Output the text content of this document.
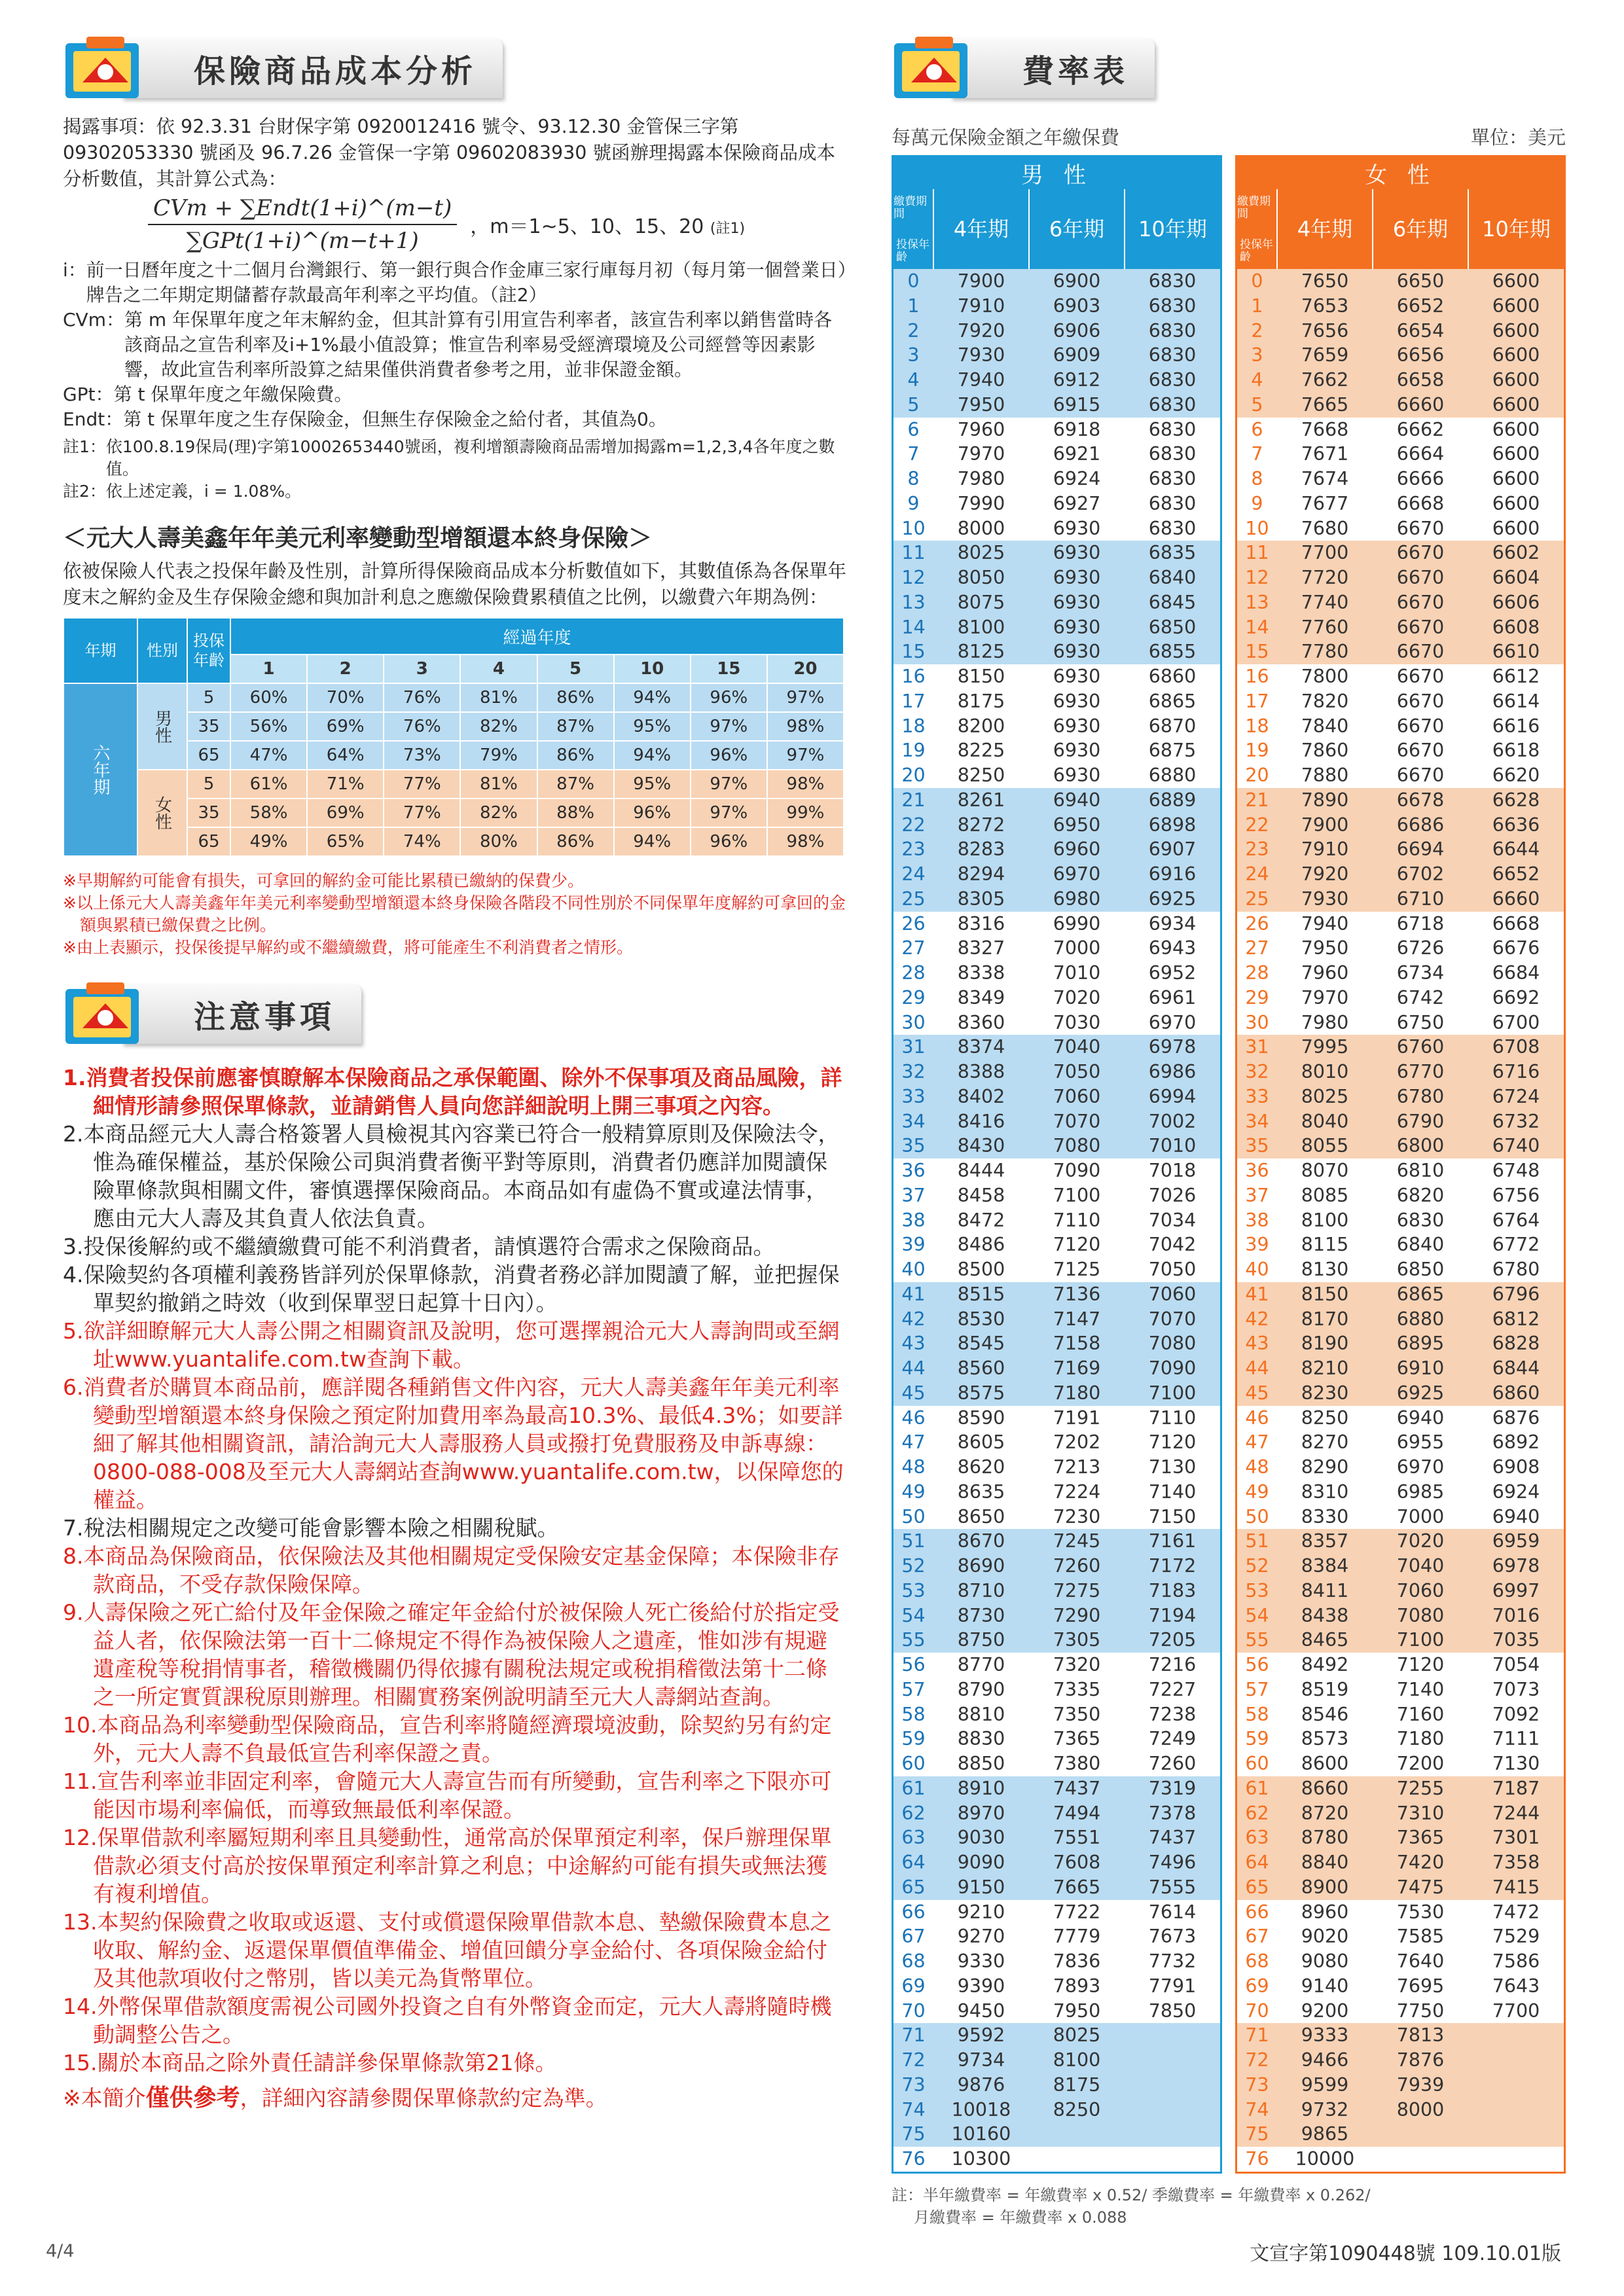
保險商品成本分析
揭露事項：依 92.3.31 台財保字第 0920012416 號令、93.12.30 金管保三字第 09302053330 號函及 96.7.26 金管保一字第 09602083930 號函辦理揭露本保險商品成本分析數值，其計算公式為：
$\frac{\text{CVm + ∑Endt(1+i)\textasciicircum{}(m−t)}}{\text{∑GPt(1+i)\textasciicircum{}(m−t+1)}}$ ，m＝1~5、10、15、20 (註1)
i： 前一日曆年度之十二個月台灣銀行、第一銀行與合作金庫三家行庫每月初（每月第一個營業日）牌告之二年期定期儲蓄存款最高年利率之平均值。（註2）
CVm： 第 m 年保單年度之年末解約金，但其計算有引用宣告利率者，該宣告利率以銷售當時各該商品之宣告利率及i+1%最小值設算；惟宣告利率易受經濟環境及公司經營等因素影響，故此宣告利率所設算之結果僅供消費者參考之用，並非保證金額。
GPt： 第 t 保單年度之年繳保險費。
Endt： 第 t 保單年度之生存保險金，但無生存保險金之給付者，其值為0。
註1： 依100.8.19保局(理)字第10002653440號函，複利增額壽險商品需增加揭露m=1,2,3,4各年度之數值。
註2： 依上述定義，i = 1.08%。
＜元大人壽美鑫年年美元利率變動型增額還本終身保險＞
依被保險人代表之投保年齡及性別，計算所得保險商品成本分析數值如下，其數值係為各保單年度末之解約金及生存保險金總和與加計利息之應繳保險費累積值之比例，以繳費六年期為例：
年期	性別	投保年齡	經過年度							
			1	2	3	4	5	10	15	20
六年期	男性	5	60%	70%	76%	81%	86%	94%	96%	97%
		35	56%	69%	76%	82%	87%	95%	97%	98%
		65	47%	64%	73%	79%	86%	94%	96%	97%
	女性	5	61%	71%	77%	81%	87%	95%	97%	98%
		35	58%	69%	77%	82%	88%	96%	97%	99%
		65	49%	65%	74%	80%	86%	94%	96%	98%
※早期解約可能會有損失，可拿回的解約金可能比累積已繳納的保費少。
※以上係元大人壽美鑫年年美元利率變動型增額還本終身保險各階段不同性別於不同保單年度解約可拿回的金額與累積已繳保費之比例。
※由上表顯示，投保後提早解約或不繼續繳費，將可能產生不利消費者之情形。
注意事項
1.消費者投保前應審慎瞭解本保險商品之承保範圍、除外不保事項及商品風險，詳細情形請參照保單條款，並請銷售人員向您詳細說明上開三事項之內容。
2.本商品經元大人壽合格簽署人員檢視其內容業已符合一般精算原則及保險法令，惟為確保權益，基於保險公司與消費者衡平對等原則，消費者仍應詳加閱讀保險單條款與相關文件，審慎選擇保險商品。本商品如有虛偽不實或違法情事，應由元大人壽及其負責人依法負責。
3.投保後解約或不繼續繳費可能不利消費者，請慎選符合需求之保險商品。
4.保險契約各項權利義務皆詳列於保單條款，消費者務必詳加閱讀了解，並把握保單契約撤銷之時效（收到保單翌日起算十日內）。
5.欲詳細瞭解元大人壽公開之相關資訊及說明，您可選擇親洽元大人壽詢問或至網址www.yuantalife.com.tw查詢下載。
6.消費者於購買本商品前，應詳閱各種銷售文件內容，元大人壽美鑫年年美元利率變動型增額還本終身保險之預定附加費用率為最高10.3%、最低4.3%；如要詳細了解其他相關資訊，請洽詢元大人壽服務人員或撥打免費服務及申訴專線：0800-088-008及至元大人壽網站查詢www.yuantalife.com.tw，以保障您的權益。
7.稅法相關規定之改變可能會影響本險之相關稅賦。
8.本商品為保險商品，依保險法及其他相關規定受保險安定基金保障；本保險非存款商品，不受存款保險保障。
9.人壽保險之死亡給付及年金保險之確定年金給付於被保險人死亡後給付於指定受益人者，依保險法第一百十二條規定不得作為被保險人之遺產，惟如涉有規避遺產稅等稅捐情事者，稽徵機關仍得依據有關稅法規定或稅捐稽徵法第十二條之一所定實質課稅原則辦理。相關實務案例說明請至元大人壽網站查詢。
10.本商品為利率變動型保險商品，宣告利率將隨經濟環境波動，除契約另有約定外，元大人壽不負最低宣告利率保證之責。
11.宣告利率並非固定利率，會隨元大人壽宣告而有所變動，宣告利率之下限亦可能因市場利率偏低，而導致無最低利率保證。
12.保單借款利率屬短期利率且具變動性，通常高於保單預定利率，保戶辦理保單借款必須支付高於按保單預定利率計算之利息；中途解約可能有損失或無法獲有複利增值。
13.本契約保險費之收取或返還、支付或償還保險單借款本息、墊繳保險費本息之收取、解約金、返還保單價值準備金、增值回饋分享金給付、各項保險金給付及其他款項收付之幣別，皆以美元為貨幣單位。
14.外幣保單借款額度需視公司國外投資之自有外幣資金而定，元大人壽將隨時機動調整公告之。
15.關於本商品之除外責任請詳參保單條款第21條。
※本簡介僅供參考，詳細內容請參閱保單條款約定為準。
費率表
每萬元保險金額之年繳保費	單位：美元
男 性			

繳費期間
投保年齡	4年期	6年期	10年期
0	7900	6900	6830
1	7910	6903	6830
2	7920	6906	6830
3	7930	6909	6830
4	7940	6912	6830
5	7950	6915	6830
6	7960	6918	6830
7	7970	6921	6830
8	7980	6924	6830
9	7990	6927	6830
10	8000	6930	6830
11	8025	6930	6835
12	8050	6930	6840
13	8075	6930	6845
14	8100	6930	6850
15	8125	6930	6855
16	8150	6930	6860
17	8175	6930	6865
18	8200	6930	6870
19	8225	6930	6875
20	8250	6930	6880
21	8261	6940	6889
22	8272	6950	6898
23	8283	6960	6907
24	8294	6970	6916
25	8305	6980	6925
26	8316	6990	6934
27	8327	7000	6943
28	8338	7010	6952
29	8349	7020	6961
30	8360	7030	6970
31	8374	7040	6978
32	8388	7050	6986
33	8402	7060	6994
34	8416	7070	7002
35	8430	7080	7010
36	8444	7090	7018
37	8458	7100	7026
38	8472	7110	7034
39	8486	7120	7042
40	8500	7125	7050
41	8515	7136	7060
42	8530	7147	7070
43	8545	7158	7080
44	8560	7169	7090
45	8575	7180	7100
46	8590	7191	7110
47	8605	7202	7120
48	8620	7213	7130
49	8635	7224	7140
50	8650	7230	7150
51	8670	7245	7161
52	8690	7260	7172
53	8710	7275	7183
54	8730	7290	7194
55	8750	7305	7205
56	8770	7320	7216
57	8790	7335	7227
58	8810	7350	7238
59	8830	7365	7249
60	8850	7380	7260
61	8910	7437	7319
62	8970	7494	7378
63	9030	7551	7437
64	9090	7608	7496
65	9150	7665	7555
66	9210	7722	7614
67	9270	7779	7673
68	9330	7836	7732
69	9390	7893	7791
70	9450	7950	7850
71	9592	8025	
72	9734	8100	
73	9876	8175	
74	10018	8250	
75	10160		
76	10300		
女 性			

繳費期間
投保年齡	4年期	6年期	10年期
0	7650	6650	6600
1	7653	6652	6600
2	7656	6654	6600
3	7659	6656	6600
4	7662	6658	6600
5	7665	6660	6600
6	7668	6662	6600
7	7671	6664	6600
8	7674	6666	6600
9	7677	6668	6600
10	7680	6670	6600
11	7700	6670	6602
12	7720	6670	6604
13	7740	6670	6606
14	7760	6670	6608
15	7780	6670	6610
16	7800	6670	6612
17	7820	6670	6614
18	7840	6670	6616
19	7860	6670	6618
20	7880	6670	6620
21	7890	6678	6628
22	7900	6686	6636
23	7910	6694	6644
24	7920	6702	6652
25	7930	6710	6660
26	7940	6718	6668
27	7950	6726	6676
28	7960	6734	6684
29	7970	6742	6692
30	7980	6750	6700
31	7995	6760	6708
32	8010	6770	6716
33	8025	6780	6724
34	8040	6790	6732
35	8055	6800	6740
36	8070	6810	6748
37	8085	6820	6756
38	8100	6830	6764
39	8115	6840	6772
40	8130	6850	6780
41	8150	6865	6796
42	8170	6880	6812
43	8190	6895	6828
44	8210	6910	6844
45	8230	6925	6860
46	8250	6940	6876
47	8270	6955	6892
48	8290	6970	6908
49	8310	6985	6924
50	8330	7000	6940
51	8357	7020	6959
52	8384	7040	6978
53	8411	7060	6997
54	8438	7080	7016
55	8465	7100	7035
56	8492	7120	7054
57	8519	7140	7073
58	8546	7160	7092
59	8573	7180	7111
60	8600	7200	7130
61	8660	7255	7187
62	8720	7310	7244
63	8780	7365	7301
64	8840	7420	7358
65	8900	7475	7415
66	8960	7530	7472
67	9020	7585	7529
68	9080	7640	7586
69	9140	7695	7643
70	9200	7750	7700
71	9333	7813	
72	9466	7876	
73	9599	7939	
74	9732	8000	
75	9865		
76	10000		
註：半年繳費率 = 年繳費率 x 0.52/ 季繳費率 = 年繳費率 x 0.262/
月繳費率 = 年繳費率 x 0.088
4/4	文宣字第1090448號 109.10.01版
